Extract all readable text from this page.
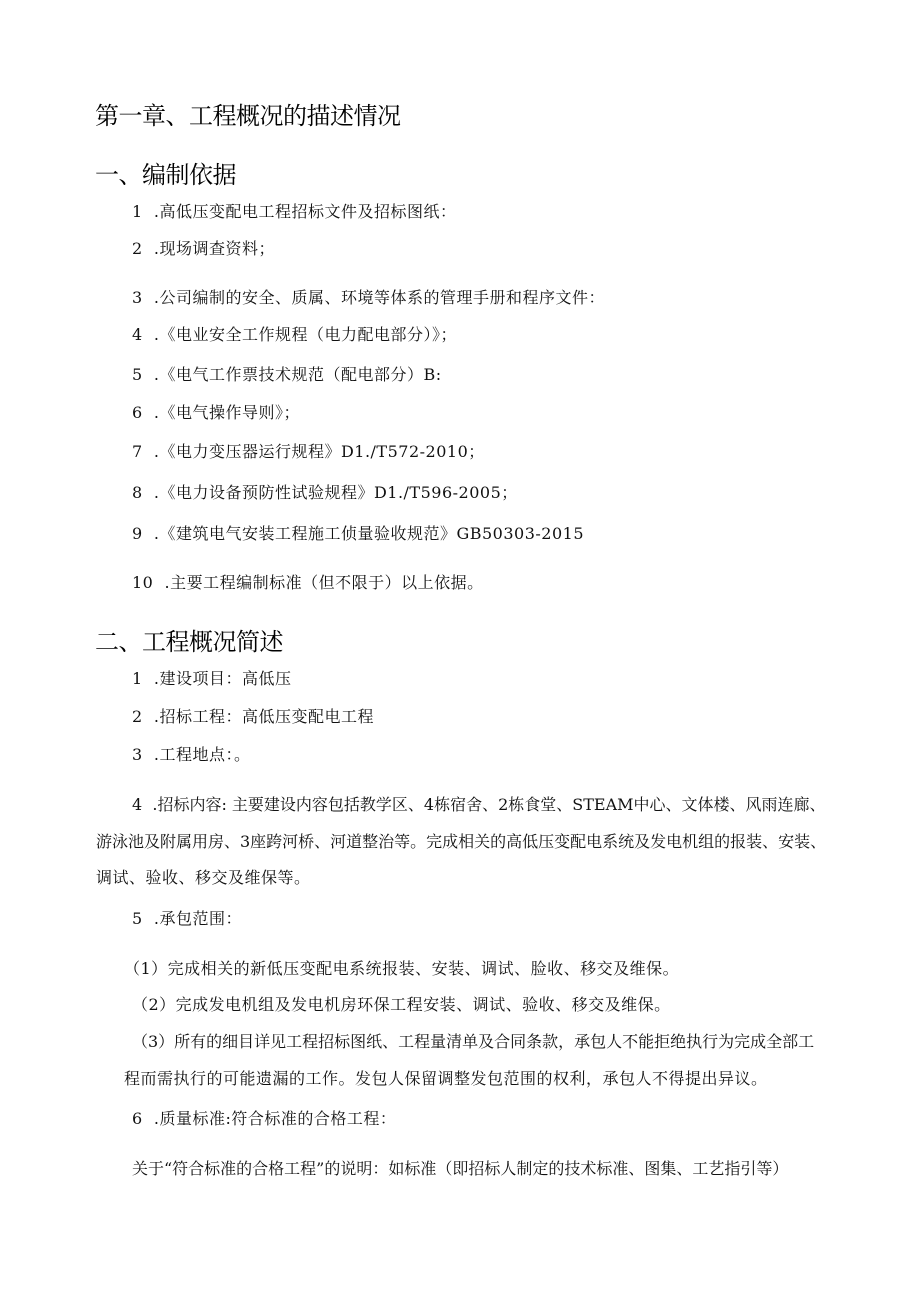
第一章、工程概况的描述情况
一、编制依据

1 .高低压变配电工程招标文件及招标图纸：

2 .现场调查资料；

3 .公司编制的安全、质属、环境等体系的管理手册和程序文件：

4 .《电业安全工作规程（电力配电部分）》；

5 .《电气工作票技术规范（配电部分）B:

6 .《电气操作导则》；

7 .《电力变压器运行规程》D1./T572-2010；

8 .《电力设备预防性试验规程》D1./T596-2005；

9 .《建筑电气安装工程施工侦量验收规范》GB50303-2015

10 .主要工程编制标准（但不限于）以上依据。

二、工程概况简述

1 .建设项目：高低压

2 .招标工程：高低压变配电工程

3 .工程地点：。

4 .招标内容: 主要建设内容包括教学区、4栋宿舍、2栋食堂、STEAM中心、文体楼、风雨连廊、

游泳池及附属用房、3座跨河桥、河道整治等。完成相关的高低压变配电系统及发电机组的报装、安装、

调试、验收、移交及维保等。

5 .承包范围：

（1）完成相关的新低压变配电系统报装、安装、调试、脸收、移交及维保。

（2）完成发电机组及发电机房环保工程安装、调试、验收、移交及维保。

（3）所有的细目详见工程招标图纸、工程量清单及合同条款，承包人不能拒绝执行为完成全部工

程而需执行的可能遗漏的工作。发包人保留调整发包范围的权利，承包人不得提出异议。

6 .质量标准:符合标准的合格工程：

关于“符合标准的合格工程”的说明：如标准（即招标人制定的技术标准、图集、工艺指引等）
